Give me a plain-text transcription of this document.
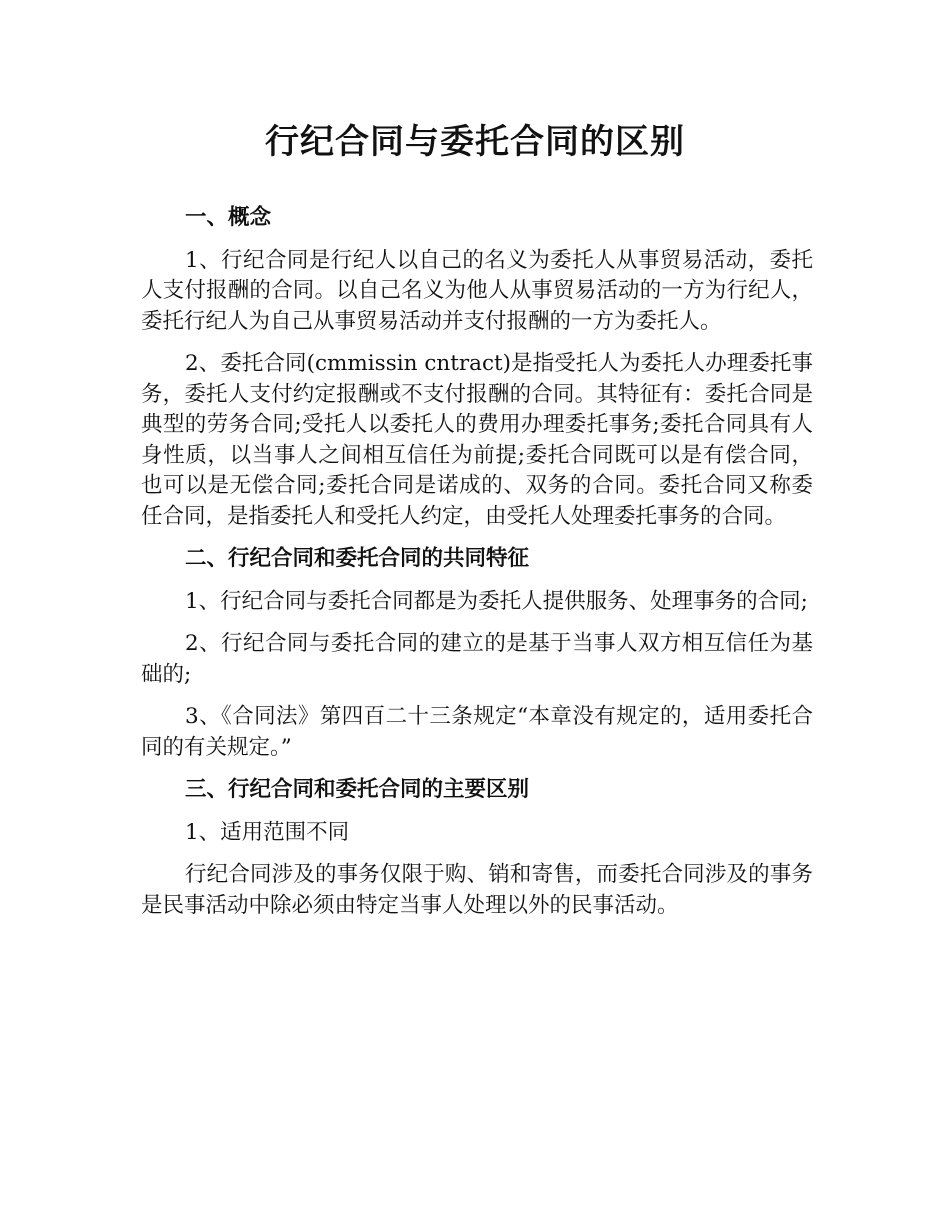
行纪合同与委托合同的区别

一、概念

1、行纪合同是行纪人以自己的名义为委托人从事贸易活动，委托人支付报酬的合同。以自己名义为他人从事贸易活动的一方为行纪人，委托行纪人为自己从事贸易活动并支付报酬的一方为委托人。

2、委托合同(cmmissin cntract)是指受托人为委托人办理委托事务，委托人支付约定报酬或不支付报酬的合同。其特征有：委托合同是典型的劳务合同;受托人以委托人的费用办理委托事务;委托合同具有人身性质，以当事人之间相互信任为前提;委托合同既可以是有偿合同，也可以是无偿合同;委托合同是诺成的、双务的合同。委托合同又称委任合同，是指委托人和受托人约定，由受托人处理委托事务的合同。

二、行纪合同和委托合同的共同特征

1、行纪合同与委托合同都是为委托人提供服务、处理事务的合同;

2、行纪合同与委托合同的建立的是基于当事人双方相互信任为基础的;

3、《合同法》第四百二十三条规定“本章没有规定的，适用委托合同的有关规定。”

三、行纪合同和委托合同的主要区别

1、适用范围不同

行纪合同涉及的事务仅限于购、销和寄售，而委托合同涉及的事务是民事活动中除必须由特定当事人处理以外的民事活动。
